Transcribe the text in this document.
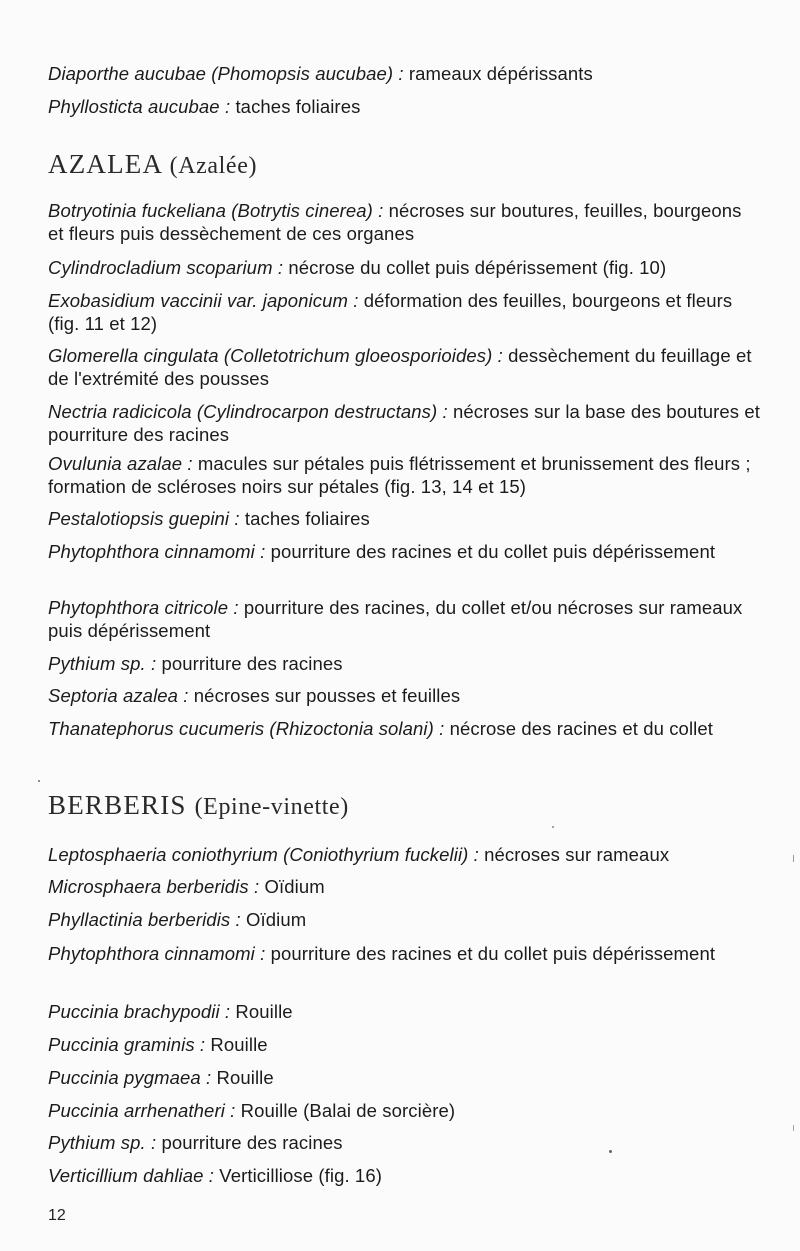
Diaporthe aucubae (Phomopsis aucubae) : rameaux dépérissants
Phyllosticta aucubae : taches foliaires
AZALEA (Azalée)
Botryotinia fuckeliana (Botrytis cinerea) : nécroses sur boutures, feuilles, bourgeons et fleurs puis dessèchement de ces organes
Cylindrocladium scoparium : nécrose du collet puis dépérissement (fig. 10)
Exobasidium vaccinii var. japonicum : déformation des feuilles, bourgeons et fleurs (fig. 11 et 12)
Glomerella cingulata (Colletotrichum gloeosporioides) : dessèchement du feuillage et de l'extrémité des pousses
Nectria radicicola (Cylindrocarpon destructans) : nécroses sur la base des boutures et pourriture des racines
Ovulunia azalae : macules sur pétales puis flétrissement et brunissement des fleurs ; formation de scléroses noirs sur pétales (fig. 13, 14 et 15)
Pestalotiopsis guepini : taches foliaires
Phytophthora cinnamomi : pourriture des racines et du collet puis dépérissement
Phytophthora citricole : pourriture des racines, du collet et/ou nécroses sur rameaux puis dépérissement
Pythium sp. : pourriture des racines
Septoria azalea : nécroses sur pousses et feuilles
Thanatephorus cucumeris (Rhizoctonia solani) : nécrose des racines et du collet
BERBERIS (Epine-vinette)
Leptosphaeria coniothyrium (Coniothyrium fuckelii) : nécroses sur rameaux
Microsphaera berberidis : Oïdium
Phyllactinia berberidis : Oïdium
Phytophthora cinnamomi : pourriture des racines et du collet puis dépérissement
Puccinia brachypodii : Rouille
Puccinia graminis : Rouille
Puccinia pygmaea : Rouille
Puccinia arrhenatheri : Rouille (Balai de sorcière)
Pythium sp. : pourriture des racines
Verticillium dahliae : Verticilliose (fig. 16)
12
